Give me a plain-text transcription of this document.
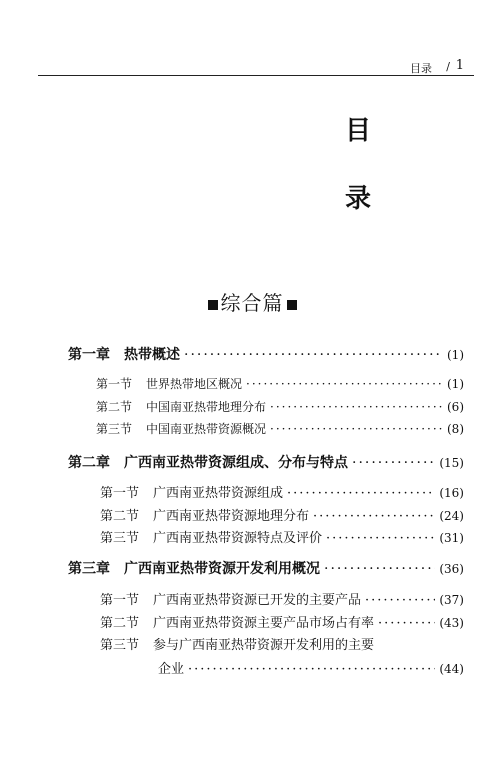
目录 / 1
目
录
综合篇
第一章 热带概述 ·····	(1)
第一节 世界热带地区概况 ·····	(1)
第二节 中国南亚热带地理分布 ·····	(6)
第三节 中国南亚热带资源概况 ·····	(8)
第二章 广西南亚热带资源组成、分布与特点 ·····	(15)
第一节 广西南亚热带资源组成 ·····	(16)
第二节 广西南亚热带资源地理分布 ·····	(24)
第三节 广西南亚热带资源特点及评价 ·····	(31)
第三章 广西南亚热带资源开发利用概况 ·····	(36)
第一节 广西南亚热带资源已开发的主要产品 ·····	(37)
第二节 广西南亚热带资源主要产品市场占有率 ·····	(43)
第三节 参与广西南亚热带资源开发利用的主要
企业 ·····	(44)
